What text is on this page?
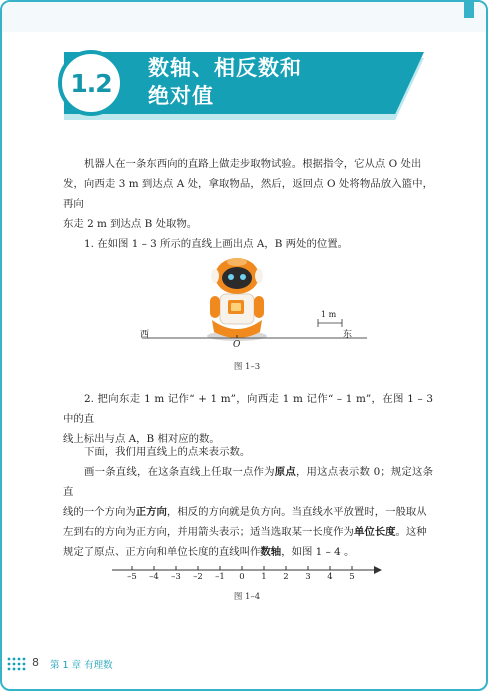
1.2
数轴、相反数和
绝对值
机器人在一条东西向的直路上做走步取物试验。根据指令，它从点 O 处出
发，向西走 3 m 到达点 A 处，拿取物品，然后，返回点 O 处将物品放入篮中，再向
东走 2 m 到达点 B 处取物。
1. 在如图 1 – 3 所示的直线上画出点 A，B 两处的位置。
西	东
O
1 m
图 1–3
2. 把向东走 1 m 记作“ + 1 m”，向西走 1 m 记作“ – 1 m”，在图 1 – 3 中的直
线上标出与点 A，B 相对应的数。
下面，我们用直线上的点来表示数。
画一条直线，在这条直线上任取一点作为原点，用这点表示数 0；规定这条直
线的一个方向为正方向，相反的方向就是负方向。当直线水平放置时，一般取从
左到右的方向为正方向，并用箭头表示；适当选取某一长度作为单位长度。这种
规定了原点、正方向和单位长度的直线叫作数轴，如图 1 – 4 。
–5	–4	–3	–2	–1	0	1	2	3	4	5
图 1–4
8 第 1 章 有理数
